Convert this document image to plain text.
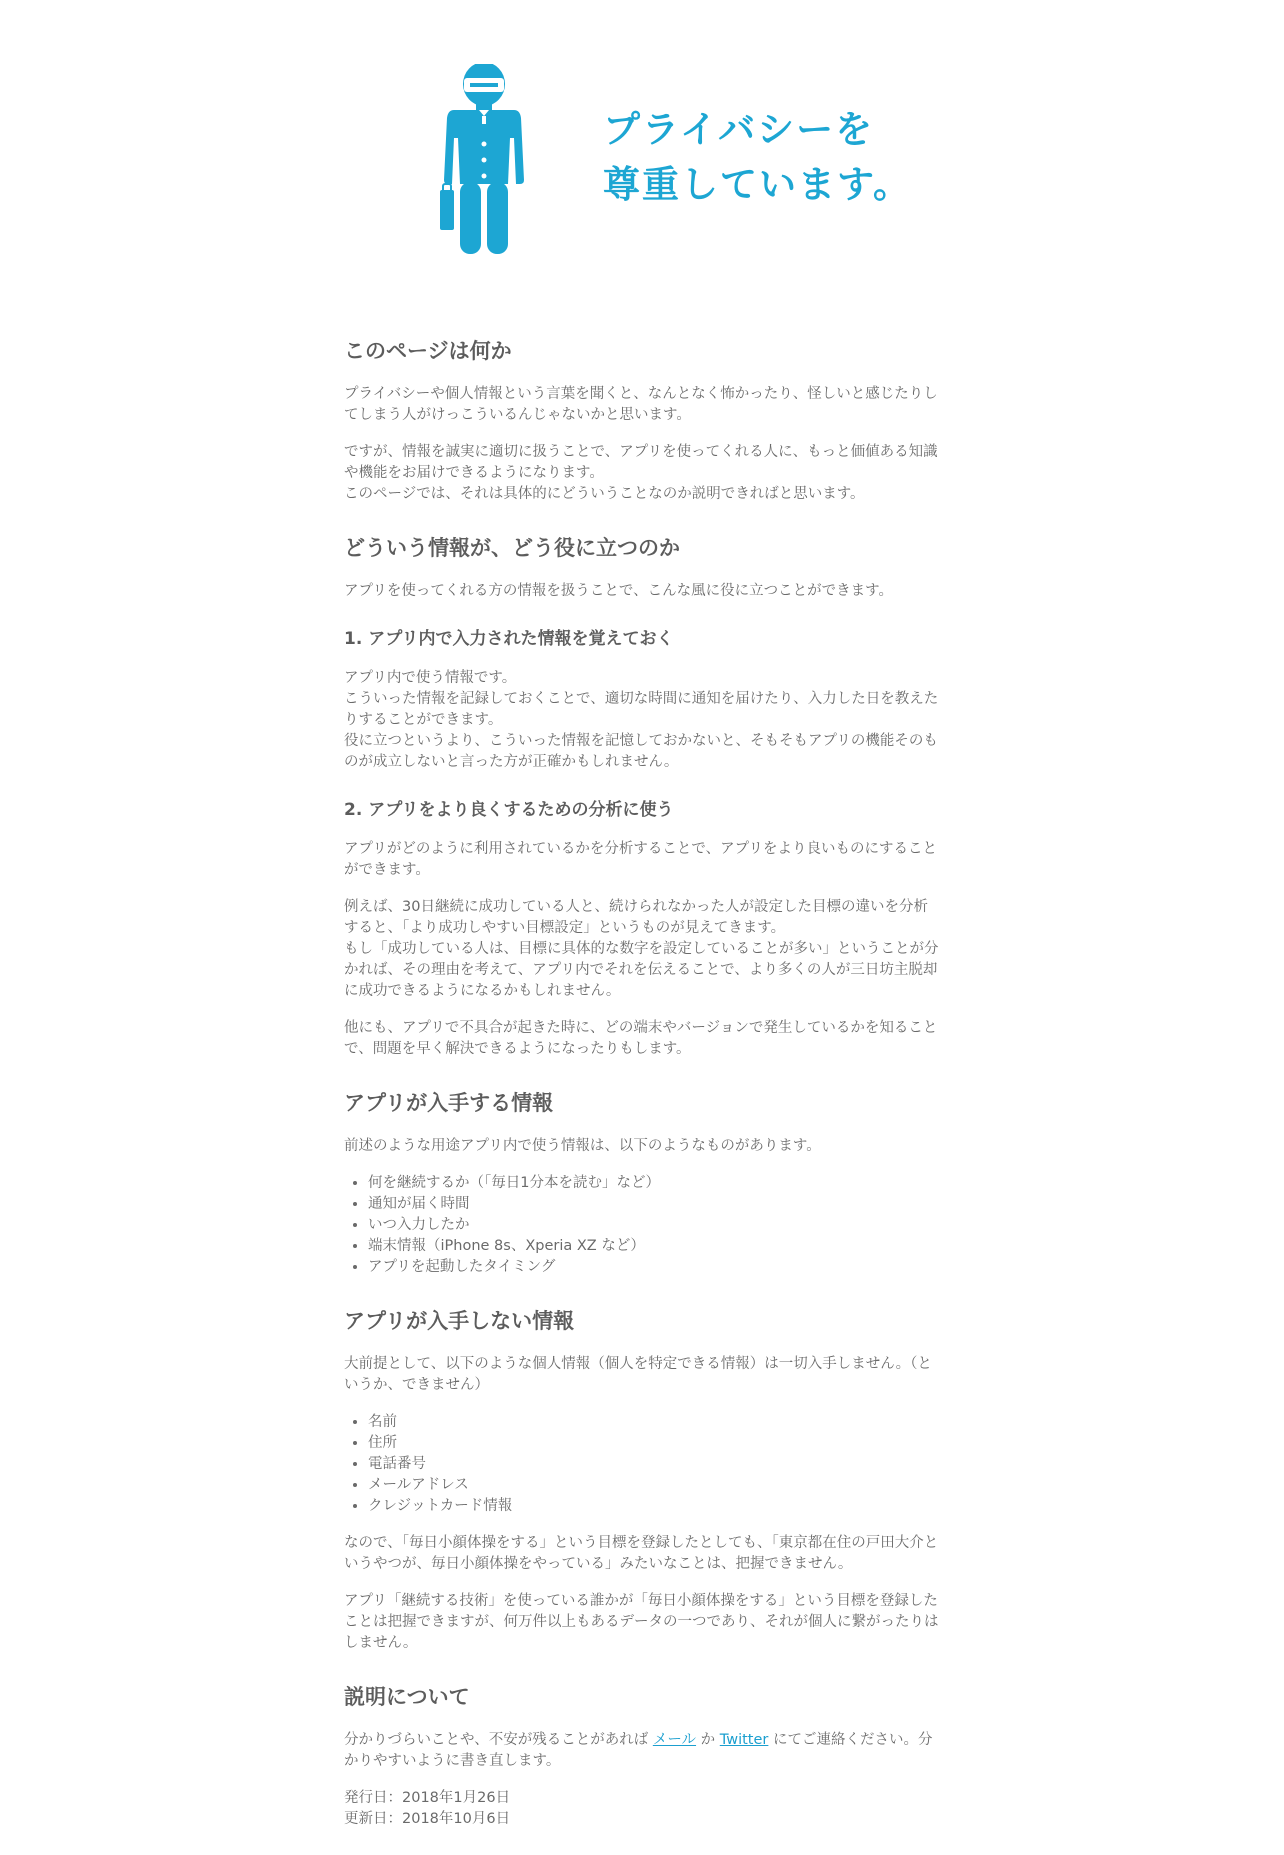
プライバシーを
尊重しています。
このページは何か

プライバシーや個人情報という言葉を聞くと、なんとなく怖かったり、怪しいと感じたりしてしまう人がけっこういるんじゃないかと思います。

ですが、情報を誠実に適切に扱うことで、アプリを使ってくれる人に、もっと価値ある知識や機能をお届けできるようになります。
このページでは、それは具体的にどういうことなのか説明できればと思います。

どういう情報が、どう役に立つのか

アプリを使ってくれる方の情報を扱うことで、こんな風に役に立つことができます。

1. アプリ内で入力された情報を覚えておく

アプリ内で使う情報です。
こういった情報を記録しておくことで、適切な時間に通知を届けたり、入力した日を教えたりすることができます。
役に立つというより、こういった情報を記憶しておかないと、そもそもアプリの機能そのものが成立しないと言った方が正確かもしれません。

2. アプリをより良くするための分析に使う

アプリがどのように利用されているかを分析することで、アプリをより良いものにすることができます。

例えば、30日継続に成功している人と、続けられなかった人が設定した目標の違いを分析すると、「より成功しやすい目標設定」というものが見えてきます。
もし「成功している人は、目標に具体的な数字を設定していることが多い」ということが分かれば、その理由を考えて、アプリ内でそれを伝えることで、より多くの人が三日坊主脱却に成功できるようになるかもしれません。

他にも、アプリで不具合が起きた時に、どの端末やバージョンで発生しているかを知ることで、問題を早く解決できるようになったりもします。

アプリが入手する情報

前述のような用途アプリ内で使う情報は、以下のようなものがあります。

• 何を継続するか（「毎日1分本を読む」など）
• 通知が届く時間
• いつ入力したか
• 端末情報（iPhone 8s、Xperia XZ など）
• アプリを起動したタイミング
アプリが入手しない情報

大前提として、以下のような個人情報（個人を特定できる情報）は一切入手しません。（というか、できません）

• 名前
• 住所
• 電話番号
• メールアドレス
• クレジットカード情報

なので、「毎日小顔体操をする」という目標を登録したとしても、「東京都在住の戸田大介というやつが、毎日小顔体操をやっている」みたいなことは、把握できません。

アプリ「継続する技術」を使っている誰かが「毎日小顔体操をする」という目標を登録したことは把握できますが、何万件以上もあるデータの一つであり、それが個人に繋がったりはしません。

説明について

分かりづらいことや、不安が残ることがあれば メール か Twitter にてご連絡ください。分かりやすいように書き直します。

発行日：2018年1月26日
更新日：2018年10月6日
